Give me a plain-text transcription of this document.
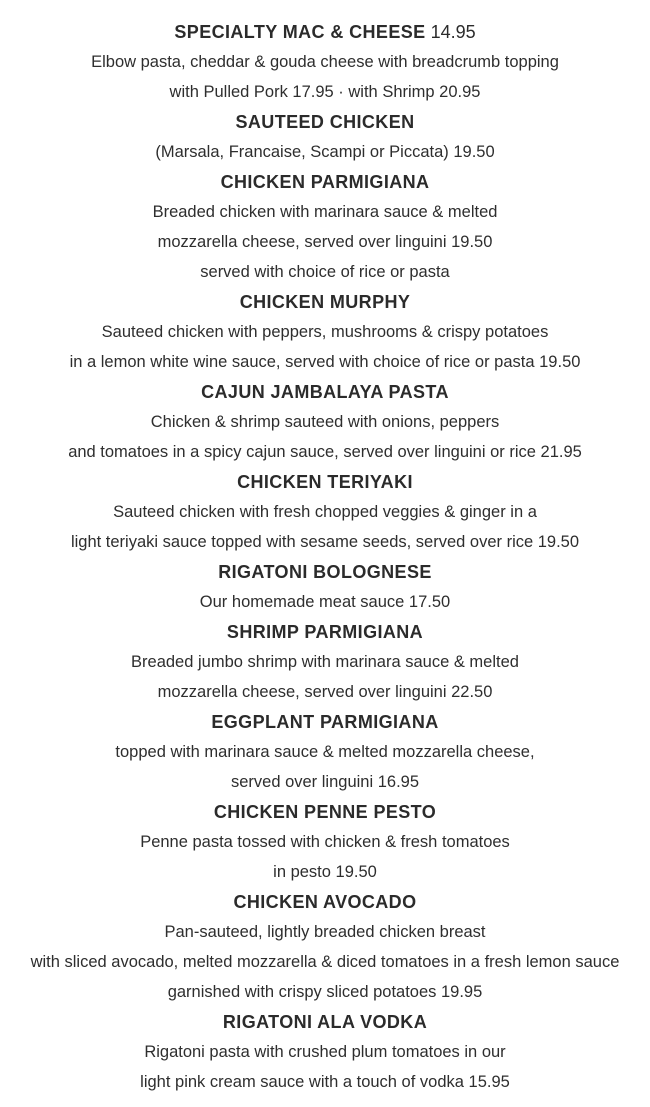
SPECIALTY MAC & CHEESE 14.95

Elbow pasta, cheddar & gouda cheese with breadcrumb topping

with Pulled Pork 17.95 · with Shrimp 20.95

SAUTEED CHICKEN

(Marsala, Francaise, Scampi or Piccata) 19.50

CHICKEN PARMIGIANA

Breaded chicken with marinara sauce & melted

mozzarella cheese, served over linguini 19.50

served with choice of rice or pasta

CHICKEN MURPHY

Sauteed chicken with peppers, mushrooms & crispy potatoes

in a lemon white wine sauce, served with choice of rice or pasta 19.50

CAJUN JAMBALAYA PASTA

Chicken & shrimp sauteed with onions, peppers

and tomatoes in a spicy cajun sauce, served over linguini or rice 21.95

CHICKEN TERIYAKI

Sauteed chicken with fresh chopped veggies & ginger in a

light teriyaki sauce topped with sesame seeds, served over rice 19.50

RIGATONI BOLOGNESE

Our homemade meat sauce 17.50

SHRIMP PARMIGIANA

Breaded jumbo shrimp with marinara sauce & melted

mozzarella cheese, served over linguini 22.50

EGGPLANT PARMIGIANA

topped with marinara sauce & melted mozzarella cheese,

served over linguini 16.95

CHICKEN PENNE PESTO

Penne pasta tossed with chicken & fresh tomatoes

in pesto 19.50

CHICKEN AVOCADO

Pan-sauteed, lightly breaded chicken breast

with sliced avocado, melted mozzarella & diced tomatoes in a fresh lemon sauce

garnished with crispy sliced potatoes 19.95

RIGATONI ALA VODKA

Rigatoni pasta with crushed plum tomatoes in our

light pink cream sauce with a touch of vodka 15.95
